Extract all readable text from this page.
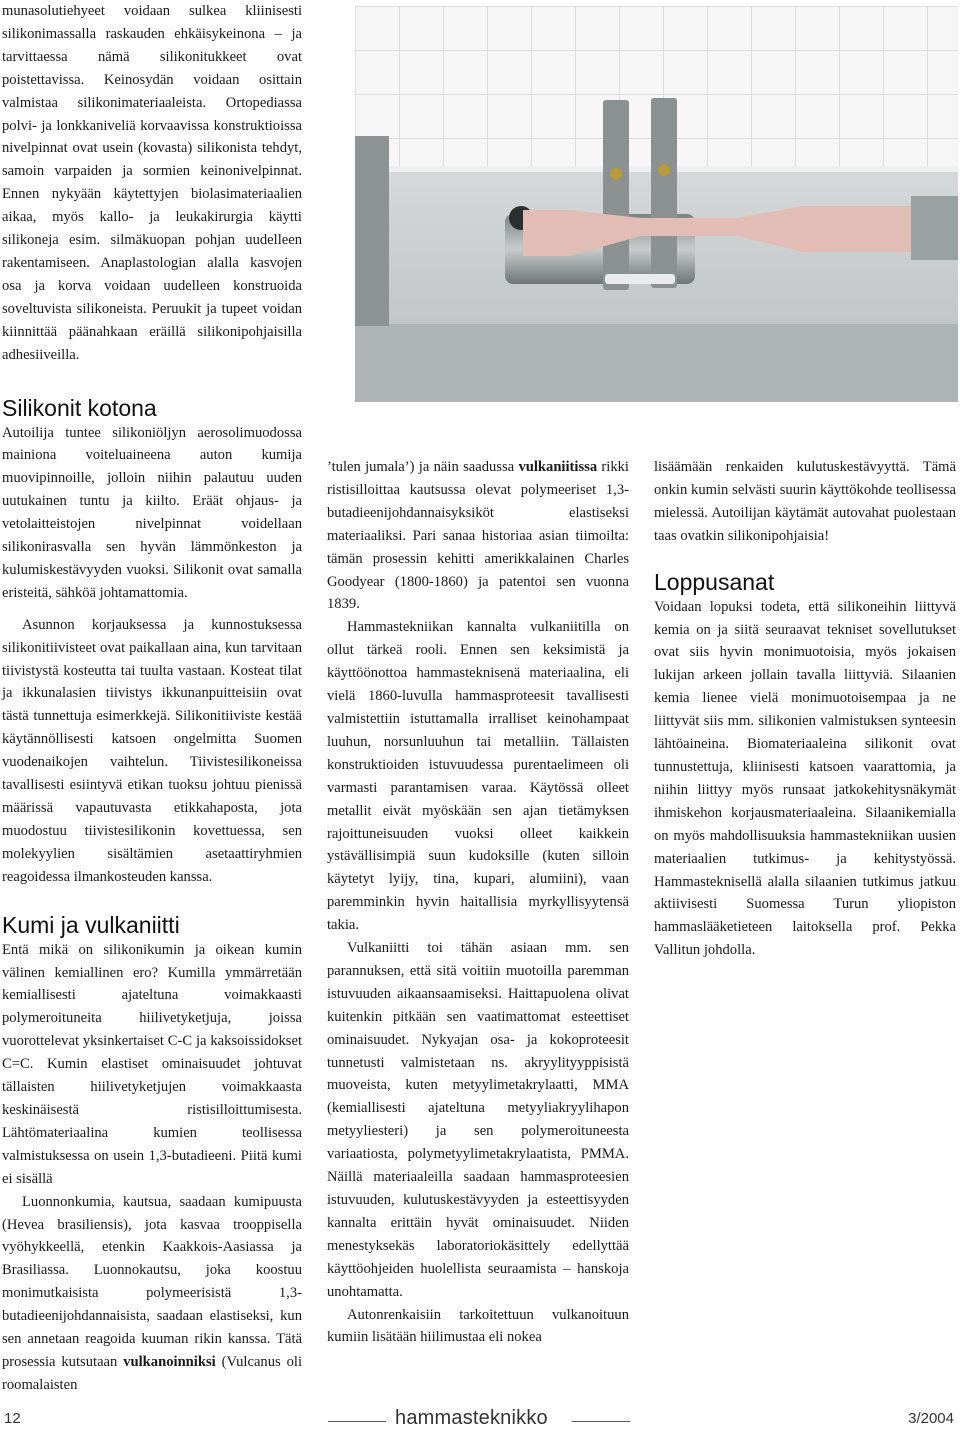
munasolutiehyeet voidaan sulkea kliinisesti silikonimassalla raskauden ehkäisykeinona – ja tarvittaessa nämä silikonitukkeet ovat poistettavissa. Keinosydän voidaan osittain valmistaa silikonimateriaaleista. Ortopediassa polvi- ja lonkkaniveliä korvaavissa konstruktioissa nivelpinnat ovat usein (kovasta) silikonista tehdyt, samoin varpaiden ja sormien keinonivelpinnat. Ennen nykyään käytettyjen biolasimateriaalien aikaa, myös kallo- ja leukakirurgia käytti silikoneja esim. silmäkuopan pohjan uudelleen rakentamiseen. Anaplastologian alalla kasvojen osa ja korva voidaan uudelleen konstruoida soveltuvista silikoneista. Peruukit ja tupeet voidan kiinnittää päänahkaan eräillä silikonipohjaisilla adhesiiveilla.

Silikonit kotona

Autoilija tuntee silikoniöljyn aerosolimuodossa mainiona voiteluaineena auton kumija muovipinnoille, jolloin niihin palautuu uuden uutukainen tuntu ja kiilto. Eräät ohjaus- ja vetolaitteistojen nivelpinnat voidellaan silikonirasvalla sen hyvän lämmönkeston ja kulumiskestävyyden vuoksi. Silikonit ovat samalla eristeitä, sähköä johtamattomia.

Asunnon korjauksessa ja kunnostuksessa silikonitiivisteet ovat paikallaan aina, kun tarvitaan tiivistystä kosteutta tai tuulta vastaan. Kosteat tilat ja ikkunalasien tiivistys ikkunanpuitteisiin ovat tästä tunnettuja esimerkkejä. Silikonitiiviste kestää käytännöllisesti katsoen ongelmitta Suomen vuodenaikojen vaihtelun. Tiivistesilikoneissa tavallisesti esiintyvä etikan tuoksu johtuu pienissä määrissä vapautuvasta etikkahaposta, jota muodostuu tiivistesilikonin kovettuessa, sen molekyylien sisältämien asetaattiryhmien reagoidessa ilmankosteuden kanssa.

Kumi ja vulkaniitti

Entä mikä on silikonikumin ja oikean kumin välinen kemiallinen ero? Kumilla ymmärretään kemiallisesti ajateltuna voimakkaasti polymeroituneita hiilivetyketjuja, joissa vuorottelevat yksinkertaiset C-C ja kaksoissidokset C=C. Kumin elastiset ominaisuudet johtuvat tällaisten hiilivetyketjujen voimakkaasta keskinäisestä ristisilloittumisesta. Lähtömateriaalina kumien teollisessa valmistuksessa on usein 1,3-butadieeni. Piitä kumi ei sisällä

Luonnonkumia, kautsua, saadaan kumipuusta (Hevea brasiliensis), jota kasvaa trooppisella vyöhykkeellä, etenkin Kaakkois-Aasiassa ja Brasiliassa. Luonnokautsu, joka koostuu monimutkaisista polymeerisistä 1,3-butadieenijohdannaisista, saadaan elastiseksi, kun sen annetaan reagoida kuuman rikin kanssa. Tätä prosessia kutsutaan vulkanoinniksi (Vulcanus oli roomalaisten

’tulen jumala’) ja näin saadussa vulkaniitissa rikki ristisilloittaa kautsussa olevat polymeeriset 1,3-butadieenijohdannaisyksiköt elastiseksi materiaaliksi. Pari sanaa historiaa asian tiimoilta: tämän prosessin kehitti amerikkalainen Charles Goodyear (1800-1860) ja patentoi sen vuonna 1839.

Hammastekniikan kannalta vulkaniitilla on ollut tärkeä rooli. Ennen sen keksimistä ja käyttöönottoa hammasteknisenä materiaalina, eli vielä 1860-luvulla hammasproteesit tavallisesti valmistettiin istuttamalla irralliset keinohampaat luuhun, norsunluuhun tai metalliin. Tällaisten konstruktioiden istuvuudessa purentaelimeen oli varmasti parantamisen varaa. Käytössä olleet metallit eivät myöskään sen ajan tietämyksen rajoittuneisuuden vuoksi olleet kaikkein ystävällisimpiä suun kudoksille (kuten silloin käytetyt lyijy, tina, kupari, alumiini), vaan paremminkin hyvin haitallisia myrkyllisyytensä takia.

Vulkaniitti toi tähän asiaan mm. sen parannuksen, että sitä voitiin muotoilla paremman istuvuuden aikaansaamiseksi. Haittapuolena olivat kuitenkin pitkään sen vaatimattomat esteettiset ominaisuudet. Nykyajan osa- ja kokoproteesit tunnetusti valmistetaan ns. akryylityyppisistä muoveista, kuten metyylimetakrylaatti, MMA (kemiallisesti ajateltuna metyyliakryylihapon metyyliesteri) ja sen polymeroituneesta variaatiosta, polymetyylimetakrylaatista, PMMA. Näillä materiaaleilla saadaan hammasproteesien istuvuuden, kulutuskestävyyden ja esteettisyyden kannalta erittäin hyvät ominaisuudet. Niiden menestyksekäs laboratoriokäsittely edellyttää käyttöohjeiden huolellista seuraamista – hanskoja unohtamatta.

Autonrenkaisiin tarkoitettuun vulkanoituun kumiin lisätään hiilimustaa eli nokea

lisäämään renkaiden kulutuskestävyyttä. Tämä onkin kumin selvästi suurin käyttökohde teollisessa mielessä. Autoilijan käytämät autovahat puolestaan taas ovatkin silikonipohjaisia!

Loppusanat

Voidaan lopuksi todeta, että silikoneihin liittyvä kemia on ja siitä seuraavat tekniset sovellutukset ovat siis hyvin monimuotoisia, myös jokaisen lukijan arkeen jollain tavalla liittyviä. Silaanien kemia lienee vielä monimuotoisempaa ja ne liittyvät siis mm. silikonien valmistuksen synteesin lähtöaineina. Biomateriaaleina silikonit ovat tunnustettuja, kliinisesti katsoen vaarattomia, ja niihin liittyy myös runsaat jatkokehitysnäkymät ihmiskehon korjausmateriaaleina. Silaanikemialla on myös mahdollisuuksia hammastekniikan uusien materiaalien tutkimus- ja kehitystyössä. Hammasteknisellä alalla silaanien tutkimus jatkuu aktiivisesti Suomessa Turun yliopiston hammaslääketieteen laitoksella prof. Pekka Vallitun johdolla.

12	hammasteknikko	3/2004
